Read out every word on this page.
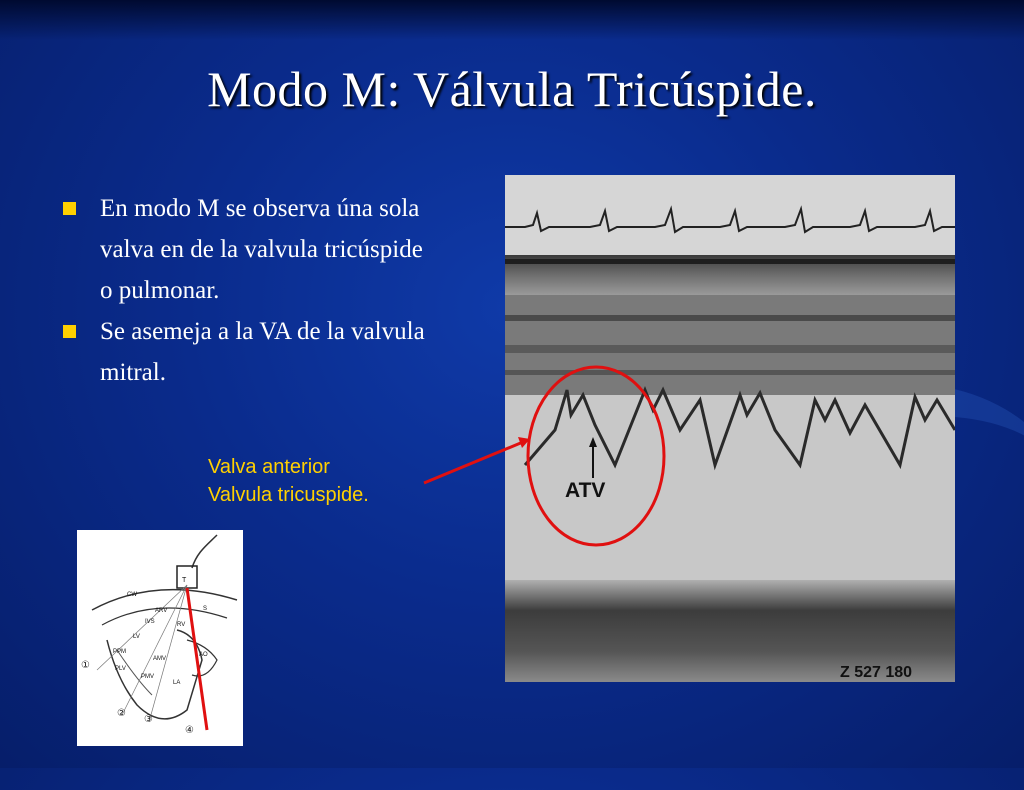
Modo M: Válvula Tricúspide.
En modo M se observa úna sola valva en de la valvula tricúspide o pulmonar.
Se asemeja a la VA de la valvula mitral.
Valva anterior
Valvula tricuspide.	ATV
Z 527 180
T
CW
ARV	S
IVS	RV
LV
PPM
AMV
AO
PLV
PMV
LA
①
②
③
④
